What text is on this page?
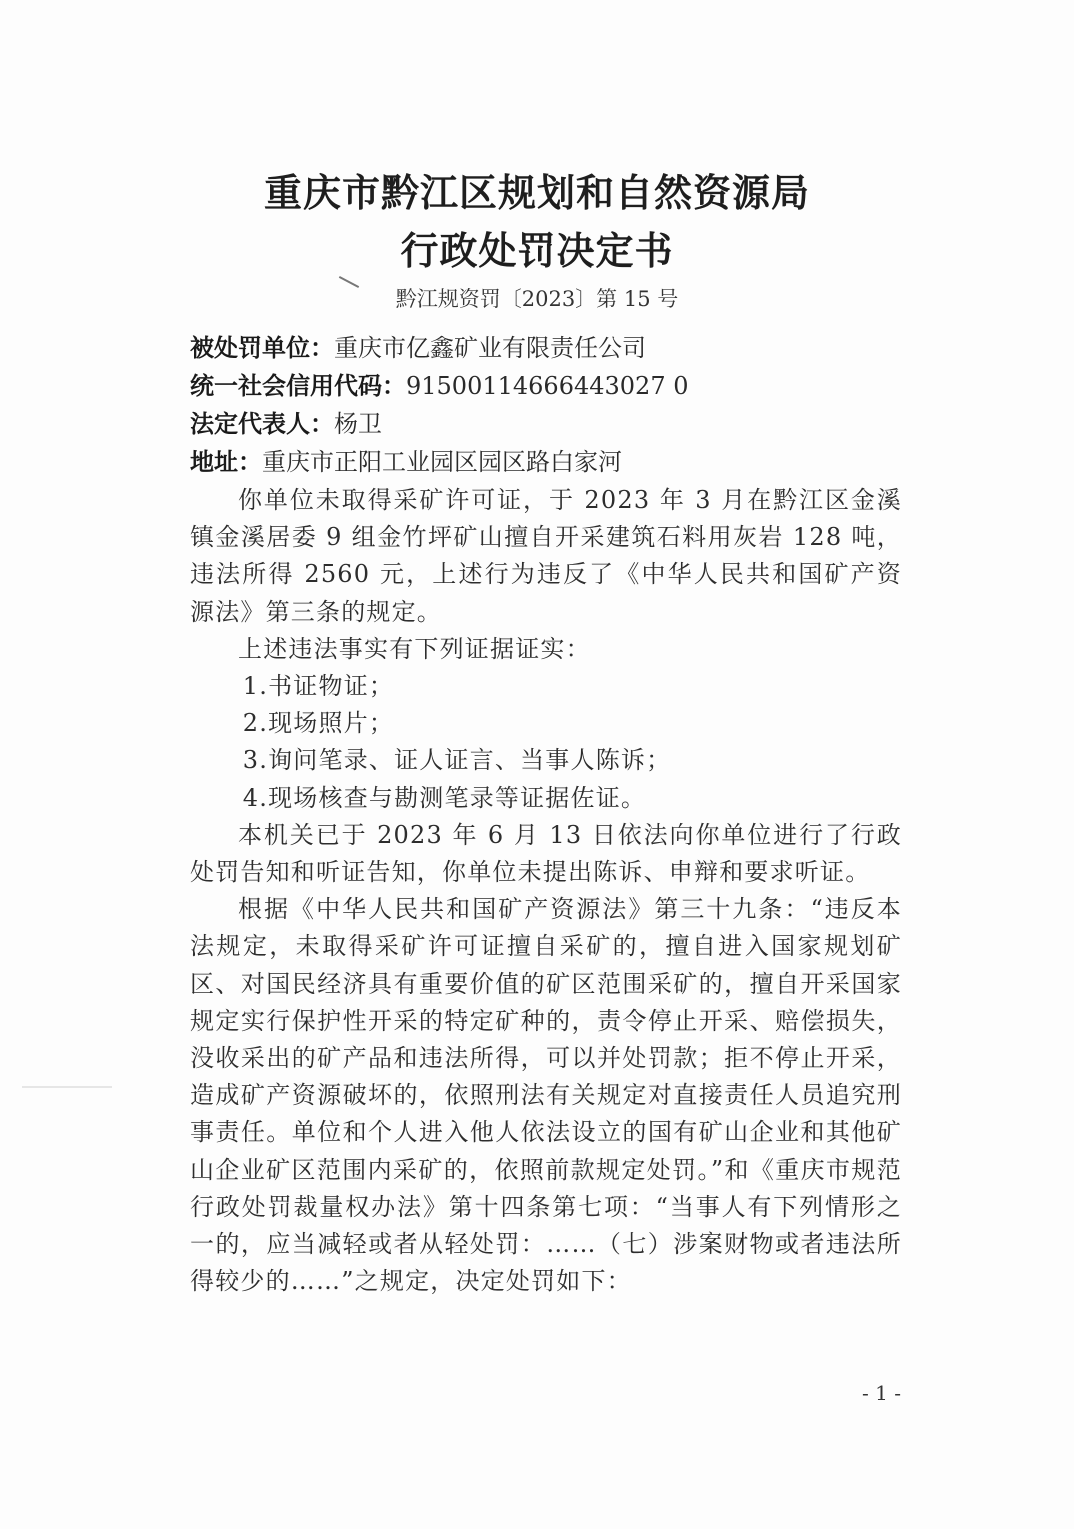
重庆市黔江区规划和自然资源局
行政处罚决定书
黔江规资罚〔2023〕第 15 号
被处罚单位：重庆市亿鑫矿业有限责任公司
统一社会信用代码：91500114666443027 0
法定代表人：杨卫
地址：重庆市正阳工业园区园区路白家河

你单位未取得采矿许可证，于 2023 年 3 月在黔江区金溪镇金溪居委 9 组金竹坪矿山擅自开采建筑石料用灰岩 128 吨，违法所得 2560 元，上述行为违反了《中华人民共和国矿产资源法》第三条的规定。

上述违法事实有下列证据证实：

1.书证物证；

2.现场照片；

3.询问笔录、证人证言、当事人陈诉；

4.现场核查与勘测笔录等证据佐证。

本机关已于 2023 年 6 月 13 日依法向你单位进行了行政处罚告知和听证告知，你单位未提出陈诉、申辩和要求听证。

根据《中华人民共和国矿产资源法》第三十九条：“违反本法规定，未取得采矿许可证擅自采矿的，擅自进入国家规划矿区、对国民经济具有重要价值的矿区范围采矿的，擅自开采国家规定实行保护性开采的特定矿种的，责令停止开采、赔偿损失，没收采出的矿产品和违法所得，可以并处罚款；拒不停止开采，造成矿产资源破坏的，依照刑法有关规定对直接责任人员追究刑事责任。单位和个人进入他人依法设立的国有矿山企业和其他矿山企业矿区范围内采矿的，依照前款规定处罚。”和《重庆市规范行政处罚裁量权办法》第十四条第七项：“当事人有下列情形之一的，应当减轻或者从轻处罚：……（七）涉案财物或者违法所得较少的……”之规定，决定处罚如下：

- 1 -
